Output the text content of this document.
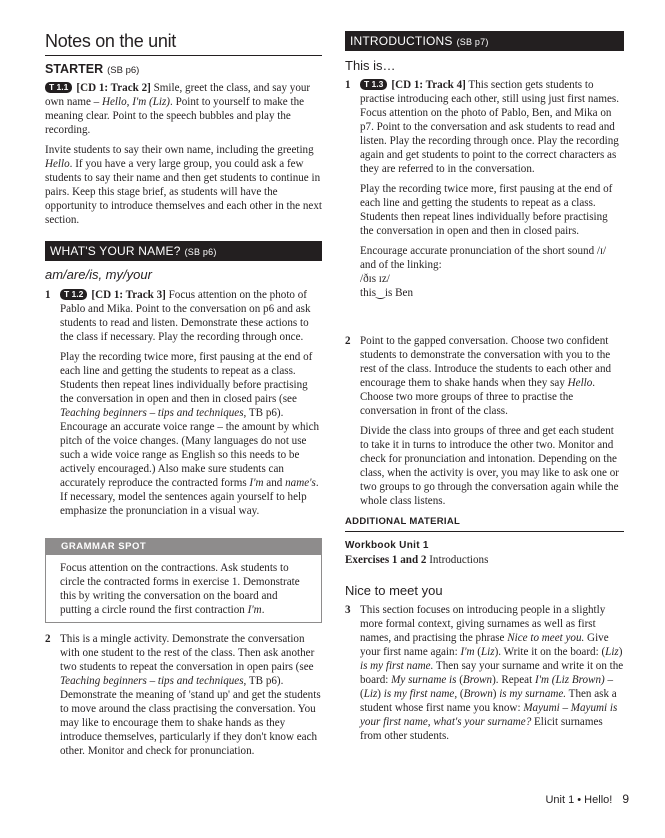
Notes on the unit
STARTER (SB p6)

T 1.1 [CD 1: Track 2] Smile, greet the class, and say your own name – Hello, I'm (Liz). Point to yourself to make the meaning clear. Point to the speech bubbles and play the recording.

Invite students to say their own name, including the greeting Hello. If you have a very large group, you could ask a few students to say their name and then get students to continue in pairs. Keep this stage brief, as students will have the opportunity to introduce themselves and each other in the next section.

WHAT'S YOUR NAME? (SB p6)
am/are/is, my/your
1	T 1.2 [CD 1: Track 3] Focus attention on the photo of Pablo and Mika. Point to the conversation on p6 and ask students to read and listen. Demonstrate these actions to the class if necessary. Play the recording through once.

Play the recording twice more, first pausing at the end of each line and getting the students to repeat as a class. Students then repeat lines individually before practising the conversation in open and then in closed pairs (see Teaching beginners – tips and techniques, TB p6). Encourage an accurate voice range – the amount by which pitch of the voice changes. (Many languages do not use such a wide voice range as English so this needs to be actively encouraged.) Also make sure students can accurately reproduce the contracted forms I'm and name's. If necessary, model the sentences again yourself to help emphasize the pronunciation in a visual way.

GRAMMAR SPOT

Focus attention on the contractions. Ask students to circle the contracted forms in exercise 1. Demonstrate this by writing the conversation on the board and putting a circle round the first contraction I'm.

2 This is a mingle activity. Demonstrate the conversation with one student to the rest of the class. Then ask another two students to repeat the conversation in open pairs (see Teaching beginners – tips and techniques, TB p6). Demonstrate the meaning of 'stand up' and get the students to move around the class practising the conversation. You may like to encourage them to shake hands as they introduce themselves, particularly if they don't know each other. Monitor and check for pronunciation.

INTRODUCTIONS (SB p7)
This is…
1	T 1.3 [CD 1: Track 4] This section gets students to practise introducing each other, still using just first names. Focus attention on the photo of Pablo, Ben, and Mika on p7. Point to the conversation and ask students to read and listen. Play the recording through once. Play the recording again and get students to point to the correct characters as they are referred to in the conversation.

Play the recording twice more, first pausing at the end of each line and getting the students to repeat as a class. Students then repeat lines individually before practising the conversation in open and then in closed pairs.

Encourage accurate pronunciation of the short sound /ɪ/ and of the linking:

/ðɪs ɪz/

this‿is Ben

2 Point to the gapped conversation. Choose two confident students to demonstrate the conversation with you to the rest of the class. Introduce the students to each other and encourage them to shake hands when they say Hello. Choose two more groups of three to practise the conversation in front of the class.

Divide the class into groups of three and get each student to take it in turns to introduce the other two. Monitor and check for pronunciation and intonation. Depending on the class, when the activity is over, you may like to ask one or two groups to go through the conversation again while the whole class listens.

ADDITIONAL MATERIAL
Workbook Unit 1

Exercises 1 and 2 Introductions

Nice to meet you
3 This section focuses on introducing people in a slightly more formal context, giving surnames as well as first names, and practising the phrase Nice to meet you. Give your first name again: I'm (Liz). Write it on the board: (Liz) is my first name. Then say your surname and write it on the board: My surname is (Brown). Repeat I'm (Liz Brown) – (Liz) is my first name, (Brown) is my surname. Then ask a student whose first name you know: Mayumi – Mayumi is your first name, what's your surname? Elicit surnames from other students.

Unit 1 • Hello! 9
